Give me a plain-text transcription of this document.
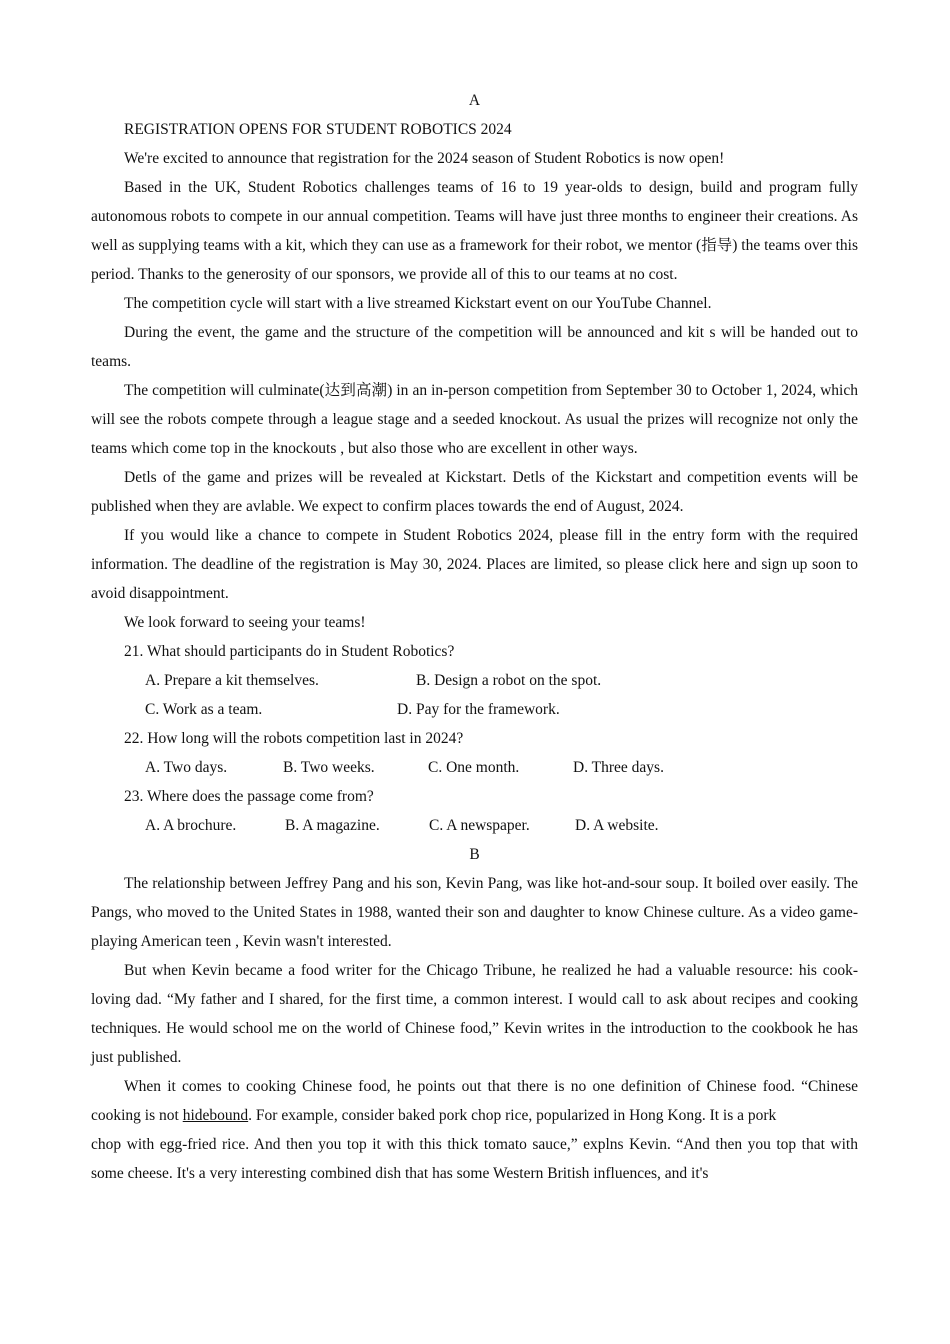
A

REGISTRATION OPENS FOR STUDENT ROBOTICS 2024

We're excited to announce that registration for the 2024 season of Student Robotics is now open!

Based in the UK, Student Robotics challenges teams of 16 to 19 year-olds to design, build and program fully autonomous robots to compete in our annual competition. Teams will have just three months to engineer their creations. As well as supplying teams with a kit, which they can use as a framework for their robot, we mentor (指导) the teams over this period. Thanks to the generosity of our sponsors, we provide all of this to our teams at no cost.

The competition cycle will start with a live streamed Kickstart event on our YouTube Channel.

During the event, the game and the structure of the competition will be announced and kit s will be handed out to teams.

The competition will culminate(达到高潮) in an in-person competition from September 30 to October 1, 2024, which will see the robots compete through a league stage and a seeded knockout. As usual the prizes will recognize not only the teams which come top in the knockouts , but also those who are excellent in other ways.

Detls of the game and prizes will be revealed at Kickstart. Detls of the Kickstart and competition events will be published when they are avlable. We expect to confirm places towards the end of August, 2024.

If you would like a chance to compete in Student Robotics 2024, please fill in the entry form with the required information. The deadline of the registration is May 30, 2024. Places are limited, so please click here and sign up soon to avoid disappointment.

We look forward to seeing your teams!

21. What should participants do in Student Robotics?

A. Prepare a kit themselves.	B. Design a robot on the spot.
C. Work as a team.	D. Pay for the framework.

22. How long will the robots competition last in 2024?

A. Two days.	B. Two weeks.	C. One month.	D. Three days.

23. Where does the passage come from?

A. A brochure.	B. A magazine.	C. A newspaper.	D. A website.
B

The relationship between Jeffrey Pang and his son, Kevin Pang, was like hot-and-sour soup. It boiled over easily. The Pangs, who moved to the United States in 1988, wanted their son and daughter to know Chinese culture. As a video game-playing American teen , Kevin wasn't interested.

But when Kevin became a food writer for the Chicago Tribune, he realized he had a valuable resource: his cook-loving dad. “My father and I shared, for the first time, a common interest. I would call to ask about recipes and cooking techniques. He would school me on the world of Chinese food,” Kevin writes in the introduction to the cookbook he has just published.

When it comes to cooking Chinese food, he points out that there is no one definition of Chinese food. “Chinese cooking is not hidebound. For example, consider baked pork chop rice, popularized in Hong Kong. It is a pork

chop with egg-fried rice. And then you top it with this thick tomato sauce,” explns Kevin. “And then you top that with some cheese. It's a very interesting combined dish that has some Western British influences, and it's
